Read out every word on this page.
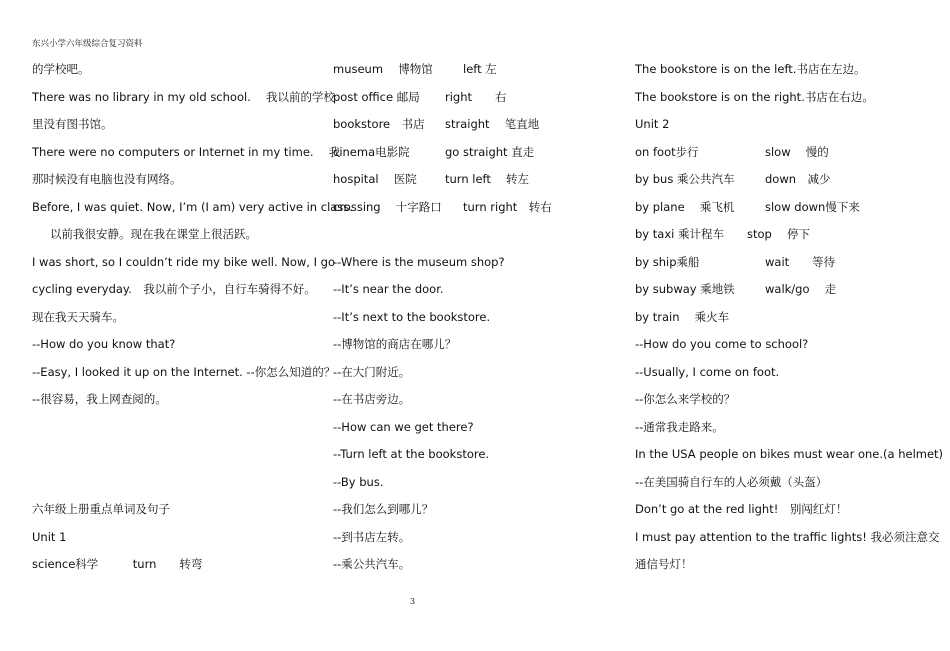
东兴小学六年级综合复习资料
的学校吧。
There was no library in my old school.　 我以前的学校
里没有图书馆。
There were no computers or Internet in my time.　 我
那时候没有电脑也没有网络。
Before, I was quiet. Now, I’m (I am) very active in class.
以前我很安静。现在我在课堂上很活跃。
I was short, so I couldn’t ride my bike well. Now, I go
cycling everyday.　我以前个子小，自行车骑得不好。
现在我天天骑车。
--How do you know that?
--Easy, I looked it up on the Internet. --你怎么知道的？
--很容易，我上网查阅的。
六年级上册重点单词及句子
Unit 1
science科学　　　turn　　转弯
museum　 博物馆	left 左
post office 邮局	right　　右
bookstore　书店	straight　 笔直地
cinema电影院	go straight 直走
hospital　 医院	turn left　 转左
crossing　 十字路口	turn right　转右
--Where is the museum shop?
--It’s near the door.
--It’s next to the bookstore.
--博物馆的商店在哪儿？
--在大门附近。
--在书店旁边。
--How can we get there?
--Turn left at the bookstore.
--By bus.
--我们怎么到哪儿？
--到书店左转。
--乘公共汽车。
The bookstore is on the left.书店在左边。
The bookstore is on the right.书店在右边。
Unit 2
on foot步行	slow　 慢的
by bus 乘公共汽车	down　减少
by plane　 乘飞机	slow down慢下来
by taxi 乘计程车	stop　 停下
by ship乘船	wait　　等待
by subway 乘地铁	walk/go　 走
by train　 乘火车
--How do you come to school?
--Usually, I come on foot.
--你怎么来学校的？
--通常我走路来。
In the USA people on bikes must wear one.(a helmet)
--在美国骑自行车的人必须戴（头盔）
Don’t go at the red light!　别闯红灯！
I must pay attention to the traffic lights! 我必须注意交
通信号灯！
3
